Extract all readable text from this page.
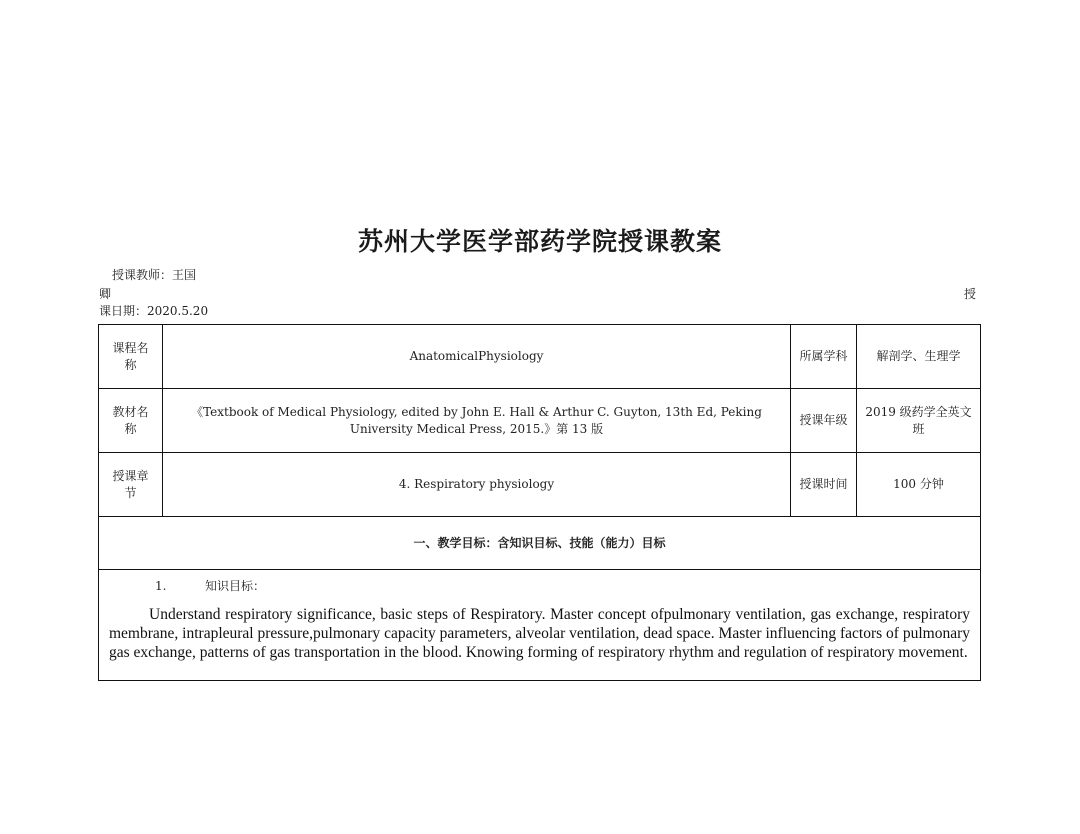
苏州大学医学部药学院授课教案
授课教师：王国
卿	授
课日期：2020.5.20
课程名称	AnatomicalPhysiology	所属学科	解剖学、生理学
教材名称	《Textbook of Medical Physiology, edited by John E. Hall & Arthur C. Guyton, 13th Ed, Peking University Medical Press, 2015.》第 13 版	授课年级	2019 级药学全英文班
授课章节	4. Respiratory physiology	授课时间	100 分钟
一、教学目标：含知识目标、技能（能力）目标			

1. 知识目标：
Understand respiratory significance, basic steps of Respiratory. Master concept ofpulmonary ventilation, gas exchange, respiratory membrane, intrapleural pressure,pulmonary capacity parameters, alveolar ventilation, dead space. Master influencing factors of pulmonary gas exchange, patterns of gas transportation in the blood. Knowing forming of respiratory rhythm and regulation of respiratory movement.			
